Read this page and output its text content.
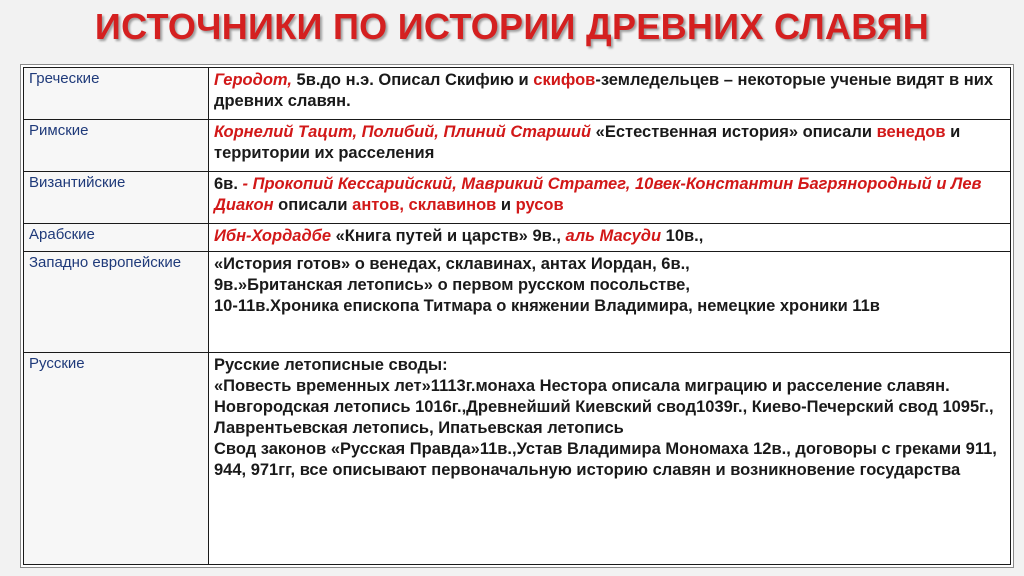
ИСТОЧНИКИ ПО ИСТОРИИ ДРЕВНИХ СЛАВЯН
Греческие	Геродот, 5в.до н.э. Описал Скифию и скифов-земледельцев – некоторые ученые видят в них древних славян.
Римские	Корнелий Тацит, Полибий, Плиний Старший «Естественная история» описали венедов и территории их расселения
Византийские	6в. - Прокопий Кессарийский, Маврикий Стратег, 10век-Константин Багрянородный и Лев Диакон описали антов, склавинов и русов
Арабские	Ибн-Хордадбе «Книга путей и царств» 9в., аль Масуди 10в.,
Западно европейские	«История готов» о венедах, склавинах, антах Иордан, 6в.,
9в.»Британская летопись» о первом русском посольстве,
10-11в.Хроника епископа Титмара о княжении Владимира, немецкие хроники 11в

Русские	Русские летописные своды:
«Повесть временных лет»1113г.монаха Нестора описала миграцию и расселение славян. Новгородская летопись 1016г.,Древнейший Киевский свод1039г., Киево-Печерский свод 1095г., Лаврентьевская летопись, Ипатьевская летопись
Свод законов «Русская Правда»11в.,Устав Владимира Мономаха 12в., договоры с греками 911, 944, 971гг, все описывают первоначальную историю славян и возникновение государства
